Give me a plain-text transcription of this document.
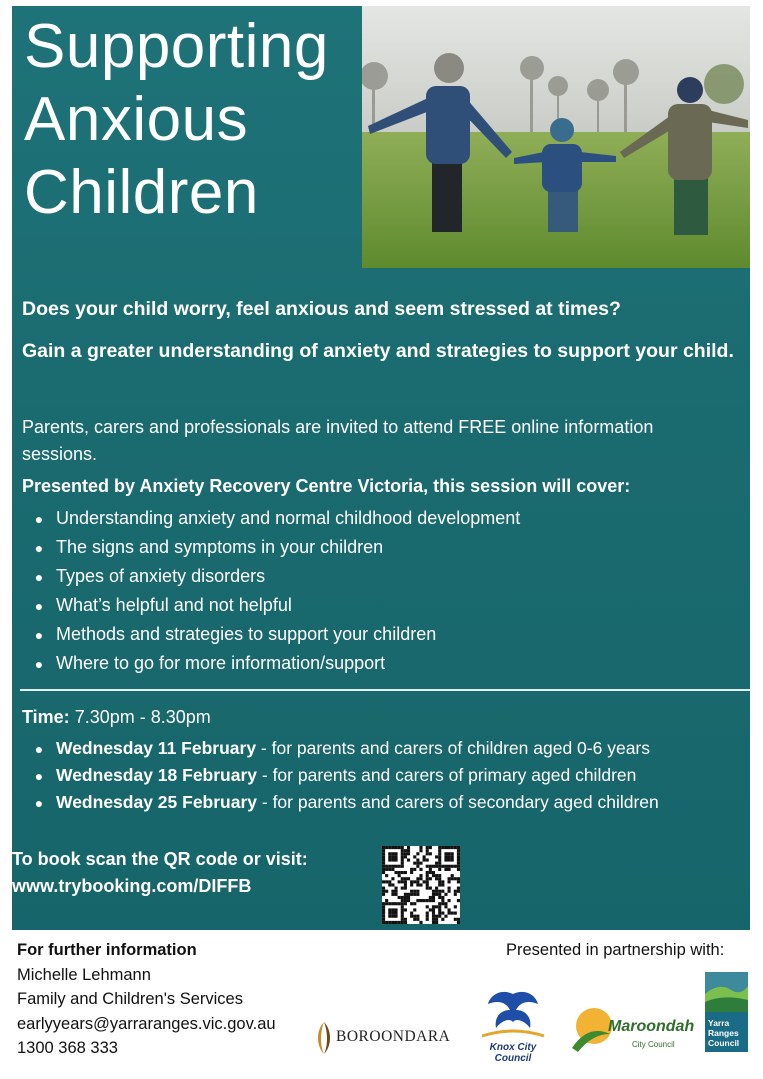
Supporting
Anxious
Children
Does your child worry, feel anxious and seem stressed at times?
Gain a greater understanding of anxiety and strategies to support your child.
Parents, carers and professionals are invited to attend FREE online information sessions.
Presented by Anxiety Recovery Centre Victoria, this session will cover:
● Understanding anxiety and normal childhood development
● The signs and symptoms in your children
● Types of anxiety disorders
● What’s helpful and not helpful
● Methods and strategies to support your children
● Where to go for more information/support
Time: 7.30pm - 8.30pm
● Wednesday 11 February - for parents and carers of children aged 0-6 years
● Wednesday 18 February - for parents and carers of primary aged children
● Wednesday 25 February - for parents and carers of secondary aged children
To book scan the QR code or visit:
www.trybooking.com/DIFFB
For further information
Michelle Lehmann
Family and Children's Services
earlyyears@yarraranges.vic.gov.au
1300 368 333
Presented in partnership with:
BOROONDARA
Knox City Council
Maroondah
City Council
Yarra
Ranges
Council
